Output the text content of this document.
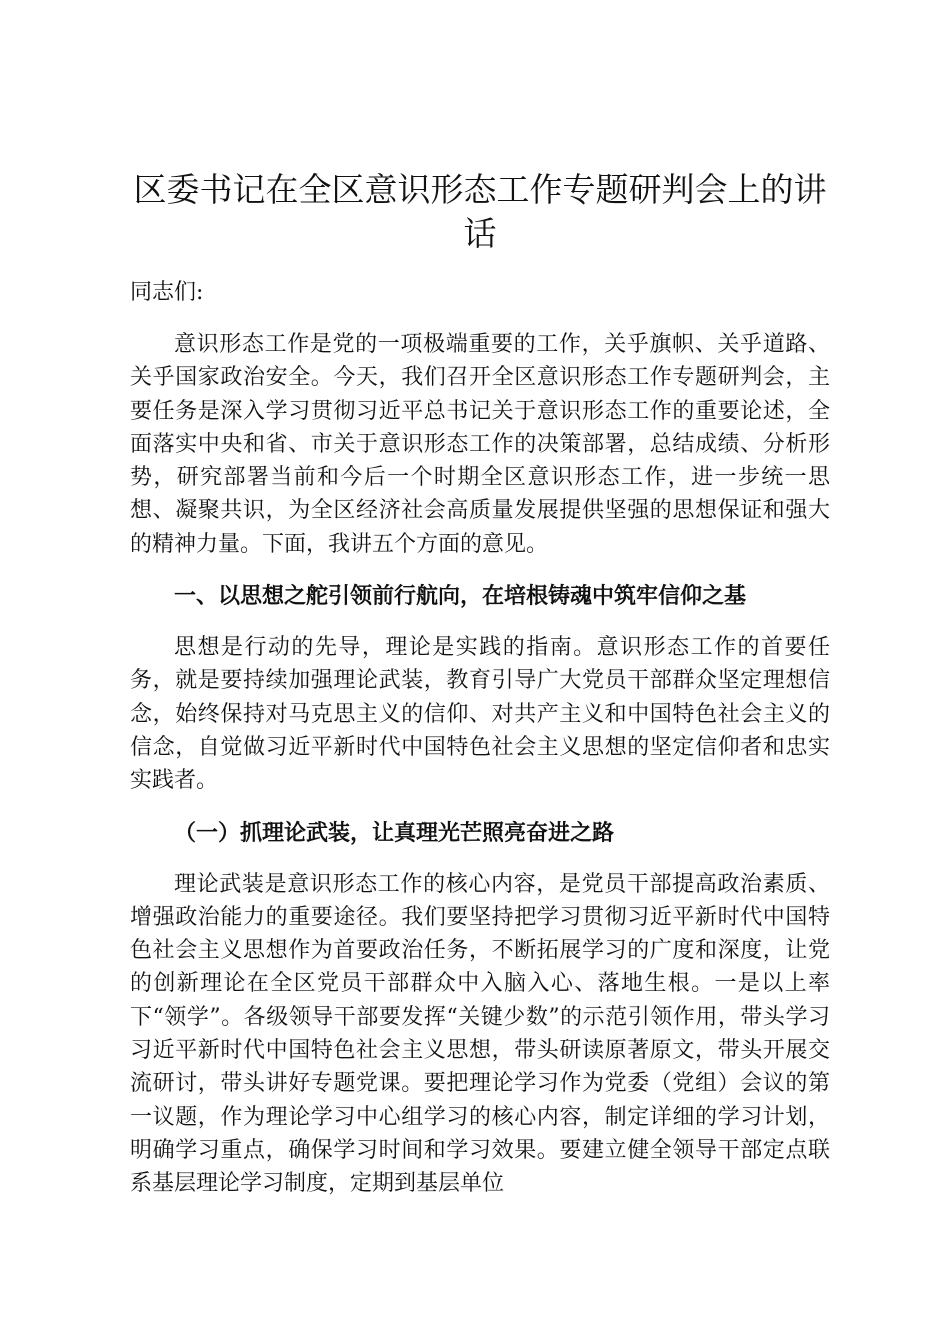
区委书记在全区意识形态工作专题研判会上的讲话

同志们:

意识形态工作是党的一项极端重要的工作，关乎旗帜、关乎道路、关乎国家政治安全。今天，我们召开全区意识形态工作专题研判会，主要任务是深入学习贯彻习近平总书记关于意识形态工作的重要论述，全面落实中央和省、市关于意识形态工作的决策部署，总结成绩、分析形势，研究部署当前和今后一个时期全区意识形态工作，进一步统一思想、凝聚共识，为全区经济社会高质量发展提供坚强的思想保证和强大的精神力量。下面，我讲五个方面的意见。

一、以思想之舵引领前行航向，在培根铸魂中筑牢信仰之基

思想是行动的先导，理论是实践的指南。意识形态工作的首要任务，就是要持续加强理论武装，教育引导广大党员干部群众坚定理想信念，始终保持对马克思主义的信仰、对共产主义和中国特色社会主义的信念，自觉做习近平新时代中国特色社会主义思想的坚定信仰者和忠实实践者。

（一）抓理论武装，让真理光芒照亮奋进之路

理论武装是意识形态工作的核心内容，是党员干部提高政治素质、增强政治能力的重要途径。我们要坚持把学习贯彻习近平新时代中国特色社会主义思想作为首要政治任务，不断拓展学习的广度和深度，让党的创新理论在全区党员干部群众中入脑入心、落地生根。一是以上率下“领学”。各级领导干部要发挥“关键少数”的示范引领作用，带头学习习近平新时代中国特色社会主义思想，带头研读原著原文，带头开展交流研讨，带头讲好专题党课。要把理论学习作为党委（党组）会议的第一议题，作为理论学习中心组学习的核心内容，制定详细的学习计划，明确学习重点，确保学习时间和学习效果。要建立健全领导干部定点联系基层理论学习制度，定期到基层单位
